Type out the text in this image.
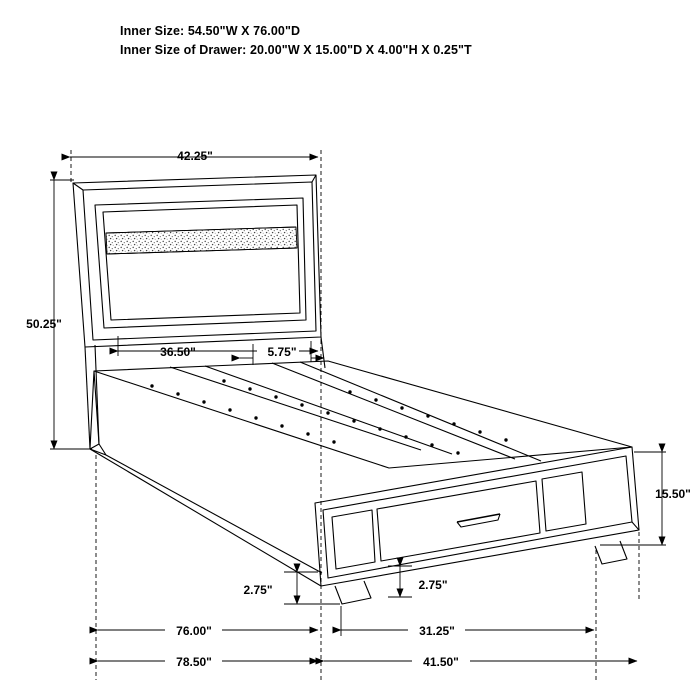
Inner Size: 54.50"W X 76.00"D
Inner Size of Drawer: 20.00"W X 15.00"D X 4.00"H X 0.25"T
42.25"
50.25"
36.50"	5.75"
15.50"
2.75"	2.75"
76.00"	31.25"
78.50"	41.50"
